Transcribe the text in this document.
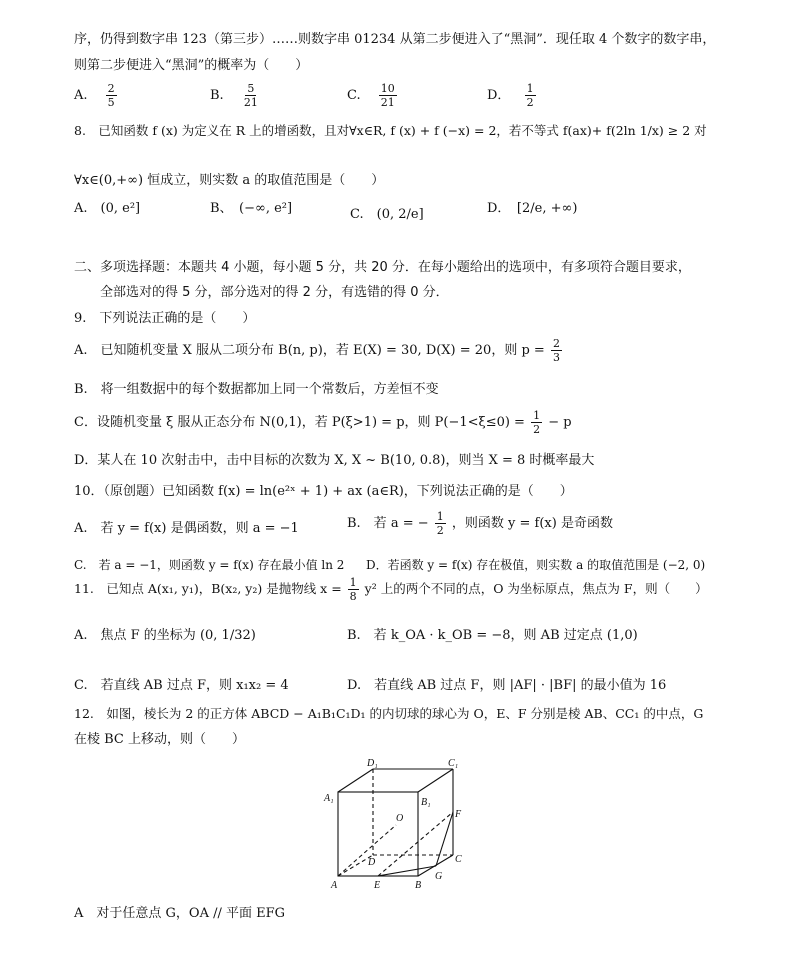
序，仍得到数字串 123（第三步）……则数字串 01234 从第二步便进入了“黑洞”．现任取 4 个数字的数字串，
则第二步便进入“黑洞”的概率为（　　）
A. $\frac{2}{5}$	B. $\frac{5}{21}$	C. $\frac{10}{21}$	D． $\frac{1}{2}$
8.　已知函数 f (x) 为定义在 R 上的增函数，且对∀x∈R, f (x) + f (−x) = 2，若不等式 f(ax)+ f(2ln 1/x) ≥ 2 对
∀x∈(0,+∞) 恒成立，则实数 a 的取值范围是（　　）
A.　(0, e²]	B、　(−∞, e²]	C.　(0, 2/e]	D．　[2/e, +∞)
二、多项选择题：本题共 4 小题，每小题 5 分，共 20 分．在每小题给出的选项中，有多项符合题目要求，
全部选对的得 5 分，部分选对的得 2 分，有选错的得 0 分．
9.　下列说法正确的是（　　）
A.　已知随机变量 X 服从二项分布 B(n, p)，若 E(X) = 30, D(X) = 20，则 $p = \frac{2}{3}$
B.　将一组数据中的每个数据都加上同一个常数后，方差恒不变
C．设随机变量 ξ 服从正态分布 N(0,1)，若 P(ξ>1) = p，则 $P(-1<\xi\le 0) = \frac{1}{2} - p$
D．某人在 10 次射击中，击中目标的次数为 X, X ~ B(10, 0.8)，则当 X = 8 时概率最大
10．（原创题）已知函数 f(x) = ln(e²ˣ + 1) + ax (a∈R)，下列说法正确的是（　　）
A.　若 y = f(x) 是偶函数，则 a = −1	B.　若 a = − $\frac{1}{2}$ ，则函数 y = f(x) 是奇函数
C.　若 a = −1，则函数 y = f(x) 存在最小值 ln 2 D．若函数 y = f(x) 存在极值，则实数 a 的取值范围是 (−2, 0)
11.　已知点 A(x₁, y₁)，B(x₂, y₂) 是抛物线 $x = \frac{1}{8} y^2$ 上的两个不同的点，O 为坐标原点，焦点为 F，则（　　）
A.　焦点 F 的坐标为 (0, 1/32)	B.　若 k_OA · k_OB = −8，则 AB 过定点 (1,0)
C.　若直线 AB 过点 F，则 x₁x₂ = 4	D.　若直线 AB 过点 F，则 |AF| · |BF| 的最小值为 16
12.　如图，棱长为 2 的正方体 ABCD − A₁B₁C₁D₁ 的内切球的球心为 O，E、F 分别是棱 AB、CC₁ 的中点，G
在棱 BC 上移动，则（　　）
D₁	C₁
A₁	B₁
O	F
D	C
A	E	B
G
A　对于任意点 G，OA // 平面 EFG
